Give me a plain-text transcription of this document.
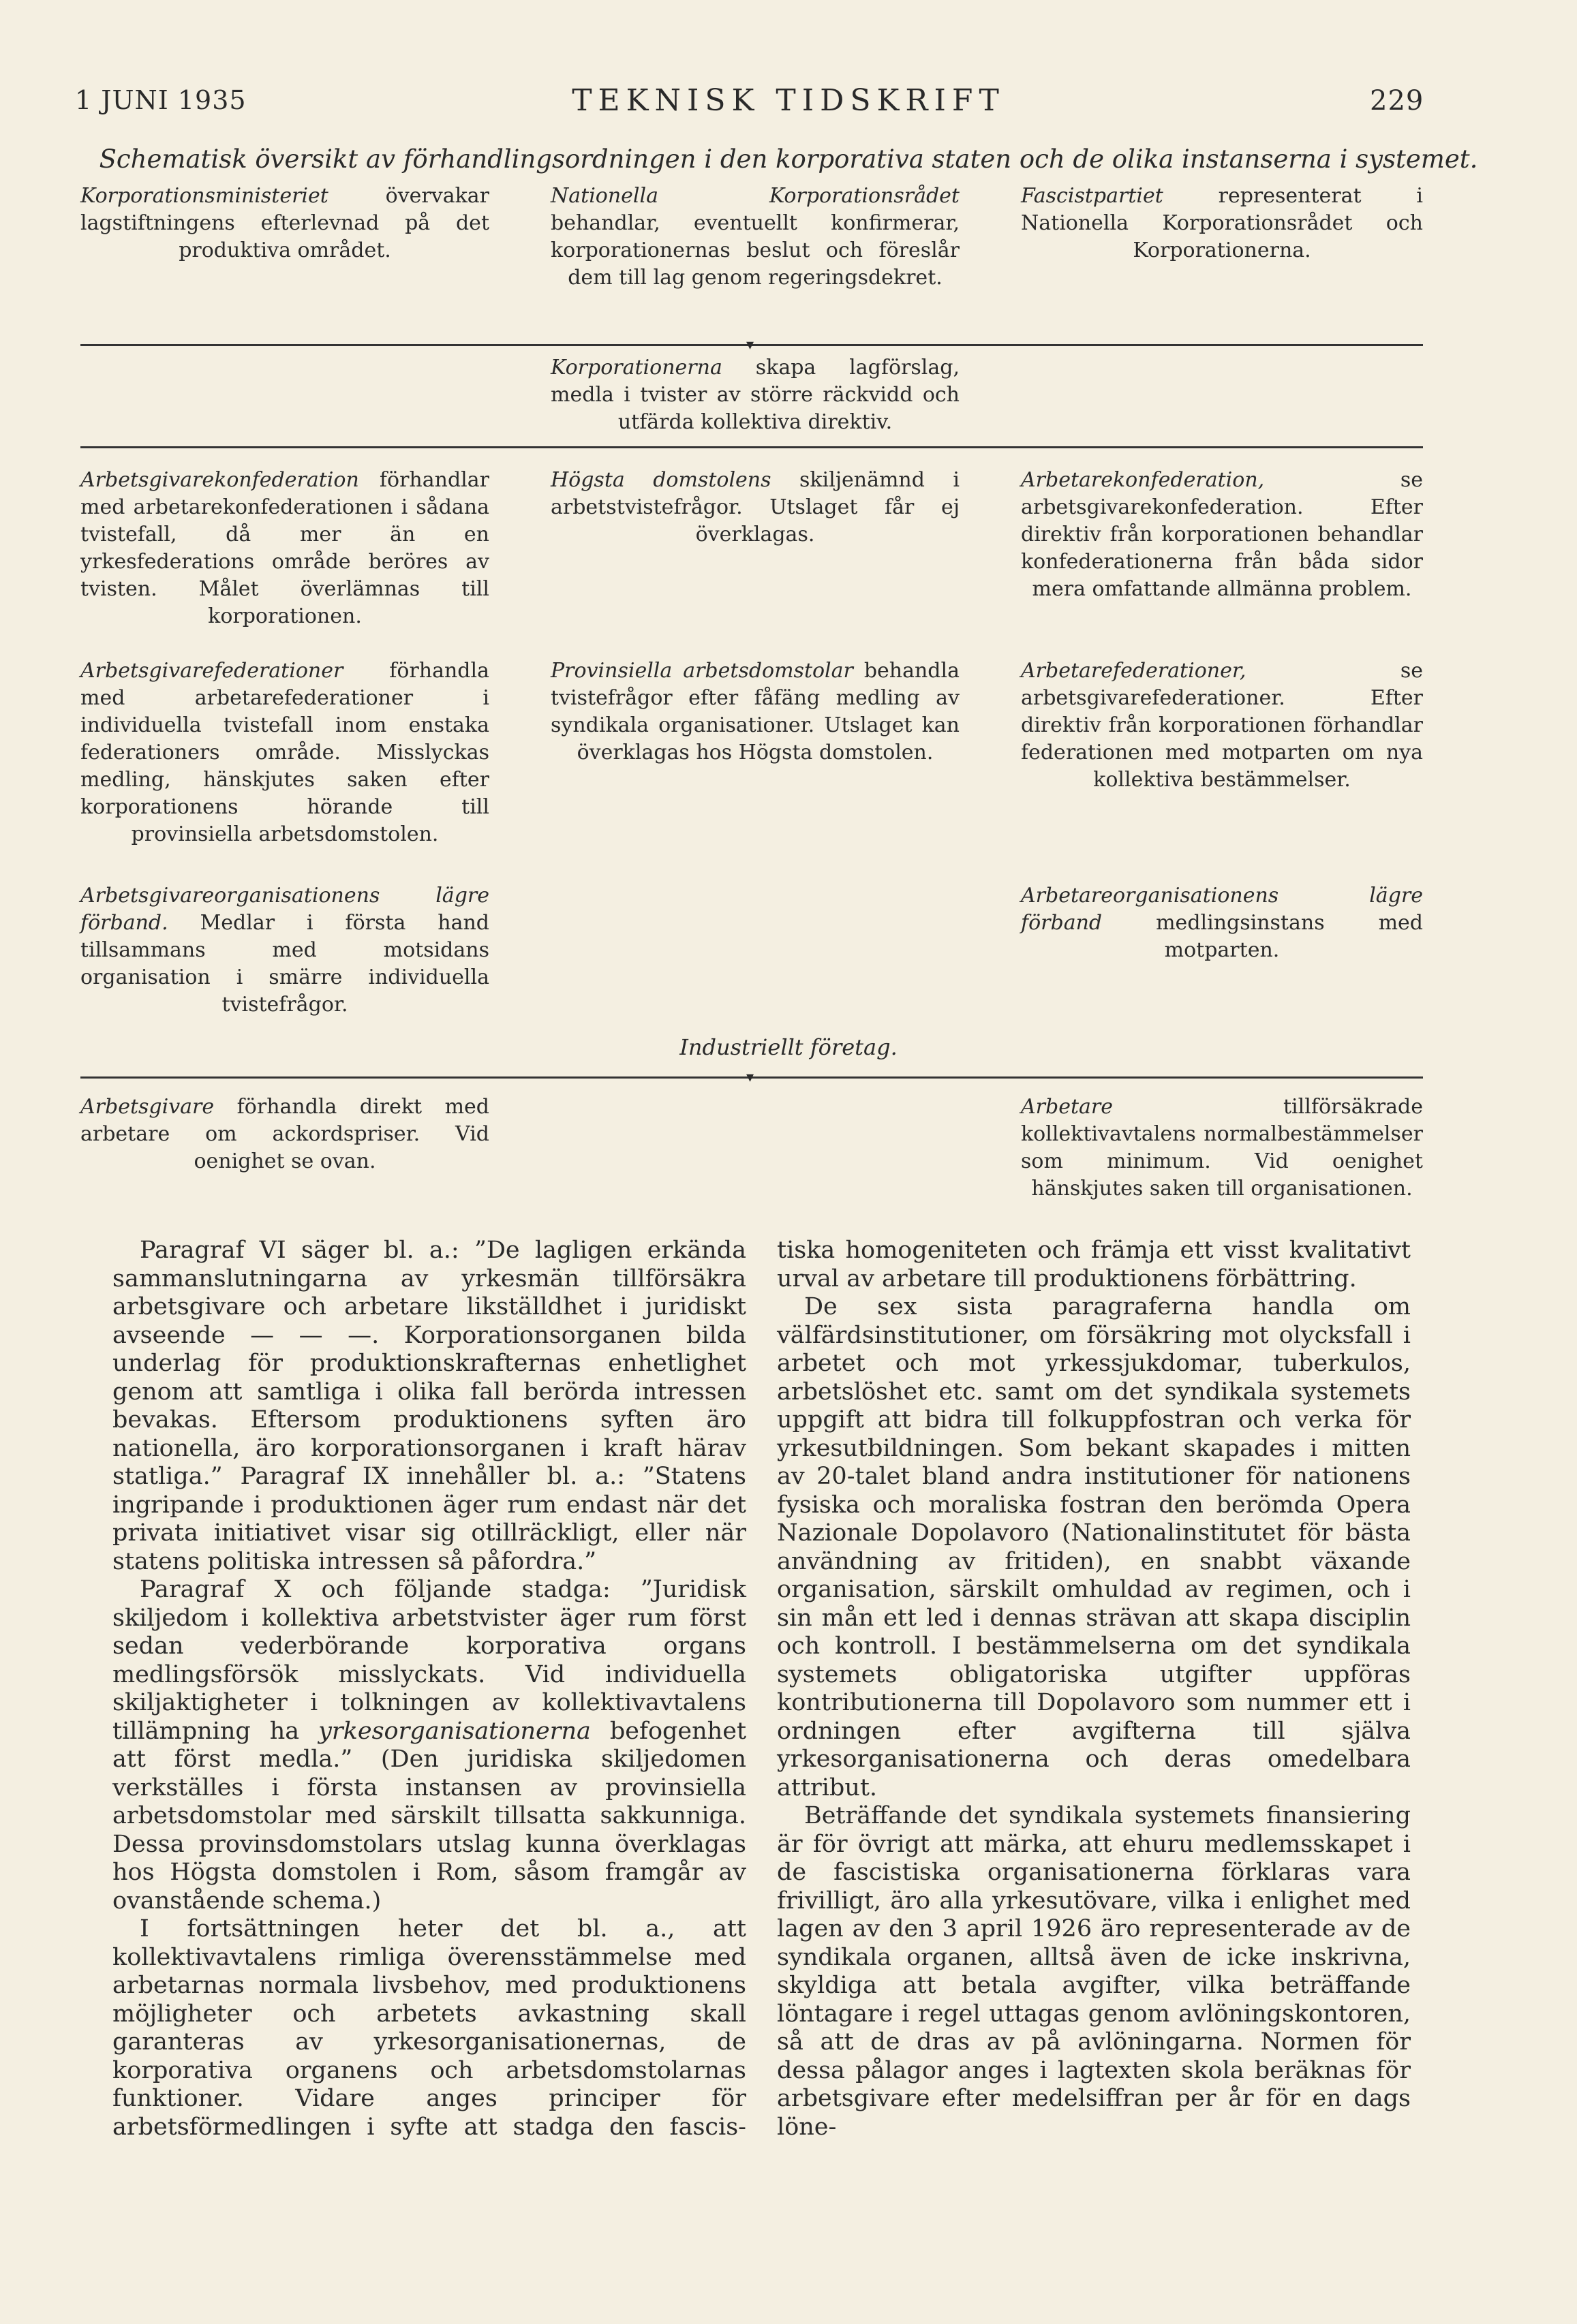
1 JUNI 1935	TEKNISK TIDSKRIFT	229
Schematisk översikt av förhandlingsordningen i den korporativa staten och de olika instanserna i systemet.
Korporationsministeriet övervakar lagstiftningens efterlevnad på det produktiva området.
Nationella Korporationsrådet behandlar, eventuellt konfirmerar, korporationernas beslut och föreslår dem till lag genom regeringsdekret.
Fascistpartiet representerat i Nationella Korporationsrådet och Korporationerna.
▾
Korporationerna skapa lagförslag, medla i tvister av större räckvidd och utfärda kollektiva direktiv.
Arbetsgivarekonfederation förhandlar med arbetarekonfederationen i sådana tvistefall, då mer än en yrkesfederations område beröres av tvisten. Målet överlämnas till korporationen.
Högsta domstolens skiljenämnd i arbetstvistefrågor. Utslaget får ej överklagas.
Arbetarekonfederation, se arbetsgivarekonfederation. Efter direktiv från korporationen behandlar konfederationerna från båda sidor mera omfattande allmänna problem.
Arbetsgivarefederationer förhandla med arbetarefederationer i individuella tvistefall inom enstaka federationers område. Misslyckas medling, hänskjutes saken efter korporationens hörande till provinsiella arbetsdomstolen.
Provinsiella arbetsdomstolar behandla tvistefrågor efter fåfäng medling av syndikala organisationer. Utslaget kan överklagas hos Högsta domstolen.
Arbetarefederationer, se arbetsgivarefederationer. Efter direktiv från korporationen förhandlar federationen med motparten om nya kollektiva bestämmelser.
Arbetsgivareorganisationens lägre förband. Medlar i första hand tillsammans med motsidans organisation i smärre individuella tvistefrågor.
Arbetareorganisationens lägre förband medlingsinstans med motparten.
Industriellt företag.
▾
Arbetsgivare förhandla direkt med arbetare om ackordspriser. Vid oenighet se ovan.
Arbetare tillförsäkrade kollektivavtalens normalbestämmelser som minimum. Vid oenighet hänskjutes saken till organisationen.

Paragraf VI säger bl. a.: ”De lagligen erkända sammanslutningarna av yrkesmän tillförsäkra arbetsgivare och arbetare likställdhet i juridiskt avseende — — —. Korporationsorganen bilda underlag för produktionskrafternas enhetlighet genom att samtliga i olika fall berörda intressen bevakas. Eftersom produktionens syften äro nationella, äro korporationsorganen i kraft härav statliga.” Paragraf IX innehåller bl. a.: ”Statens ingripande i produktionen äger rum endast när det privata initiativet visar sig otillräckligt, eller när statens politiska intressen så påfordra.”

Paragraf X och följande stadga: ”Juridisk skiljedom i kollektiva arbetstvister äger rum först sedan vederbörande korporativa organs medlingsförsök misslyckats. Vid individuella skiljaktigheter i tolkningen av kollektivavtalens tillämpning ha yrkesorganisationerna befogenhet att först medla.” (Den juridiska skiljedomen verkställes i första instansen av provinsiella arbetsdomstolar med särskilt tillsatta sakkunniga. Dessa provinsdomstolars utslag kunna överklagas hos Högsta domstolen i Rom, såsom framgår av ovanstående schema.)

I fortsättningen heter det bl. a., att kollektivavtalens rimliga överensstämmelse med arbetarnas normala livsbehov, med produktionens möjligheter och arbetets avkastning skall garanteras av yrkesorganisationernas, de korporativa organens och arbetsdomstolarnas funktioner. Vidare anges principer för arbetsförmedlingen i syfte att stadga den fascis-

tiska homogeniteten och främja ett visst kvalitativt urval av arbetare till produktionens förbättring.

De sex sista paragraferna handla om välfärdsinstitutioner, om försäkring mot olycksfall i arbetet och mot yrkessjukdomar, tuberkulos, arbetslöshet etc. samt om det syndikala systemets uppgift att bidra till folkuppfostran och verka för yrkesutbildningen. Som bekant skapades i mitten av 20-talet bland andra institutioner för nationens fysiska och moraliska fostran den berömda Opera Nazionale Dopolavoro (Nationalinstitutet för bästa användning av fritiden), en snabbt växande organisation, särskilt omhuldad av regimen, och i sin mån ett led i dennas strävan att skapa disciplin och kontroll. I bestämmelserna om det syndikala systemets obligatoriska utgifter uppföras kontributionerna till Dopolavoro som nummer ett i ordningen efter avgifterna till själva yrkesorganisationerna och deras omedelbara attribut.

Beträffande det syndikala systemets finansiering är för övrigt att märka, att ehuru medlemsskapet i de fascistiska organisationerna förklaras vara frivilligt, äro alla yrkesutövare, vilka i enlighet med lagen av den 3 april 1926 äro representerade av de syndikala organen, alltså även de icke inskrivna, skyldiga att betala avgifter, vilka beträffande löntagare i regel uttagas genom avlöningskontoren, så att de dras av på avlöningarna. Normen för dessa pålagor anges i lagtexten skola beräknas för arbetsgivare efter medelsiffran per år för en dags löne-
